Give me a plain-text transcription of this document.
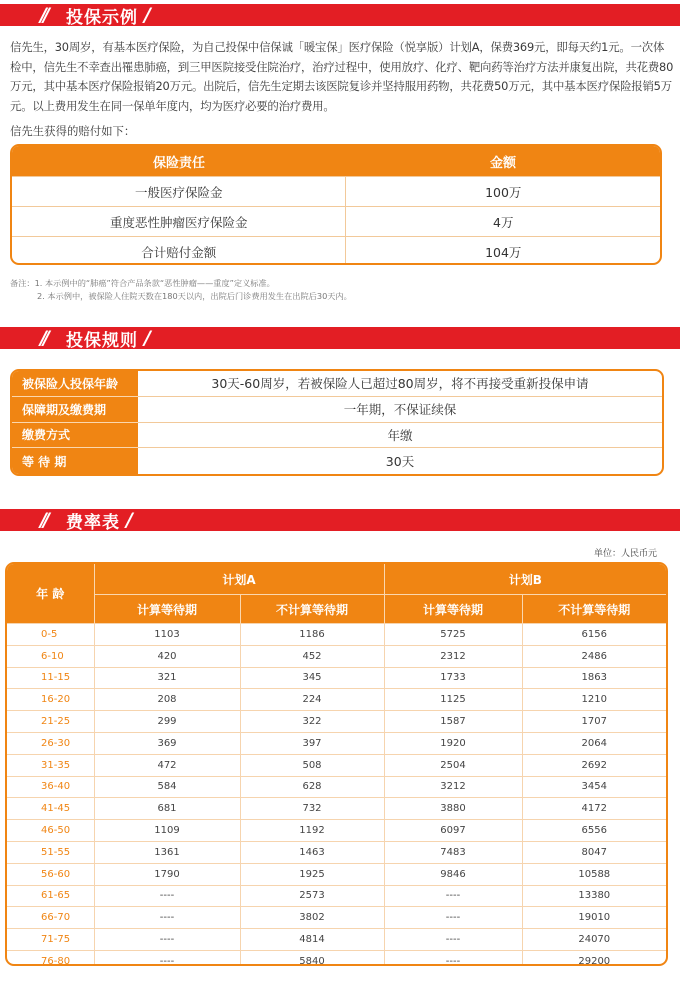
//	投保示例 /
信先生，30周岁，有基本医疗保险，为自己投保中信保诚「暖宝保」医疗保险（悦享版）计划A，保费369元，即每天约1元。一次体检中，信先生不幸查出罹患肺癌，到三甲医院接受住院治疗，治疗过程中，使用放疗、化疗、靶向药等治疗方法并康复出院，共花费80万元，其中基本医疗保险报销20万元。出院后，信先生定期去该医院复诊并坚持服用药物，共花费50万元，其中基本医疗保险报销5万元。以上费用发生在同一保单年度内，均为医疗必要的治疗费用。
信先生获得的赔付如下：
保险责任	金额
一般医疗保险金	100万
重度恶性肿瘤医疗保险金	4万
合计赔付金额	104万
备注：1. 本示例中的“肺癌”符合产品条款“恶性肿瘤——重度”定义标准。
2. 本示例中，被保险人住院天数在180天以内，出院后门诊费用发生在出院后30天内。
//	投保规则 /
被保险人投保年龄	30天-60周岁，若被保险人已超过80周岁，将不再接受重新投保申请
保障期及缴费期	一年期，不保证续保
缴费方式	年缴
等 待 期	30天
//	费率表 /
单位：人民币元
年 龄	计划A		计划B	
	计算等待期	不计算等待期	计算等待期	不计算等待期
0-5	1103	1186	5725	6156
6-10	420	452	2312	2486
11-15	321	345	1733	1863
16-20	208	224	1125	1210
21-25	299	322	1587	1707
26-30	369	397	1920	2064
31-35	472	508	2504	2692
36-40	584	628	3212	3454
41-45	681	732	3880	4172
46-50	1109	1192	6097	6556
51-55	1361	1463	7483	8047
56-60	1790	1925	9846	10588
61-65	----	2573	----	13380
66-70	----	3802	----	19010
71-75	----	4814	----	24070
76-80	----	5840	----	29200
